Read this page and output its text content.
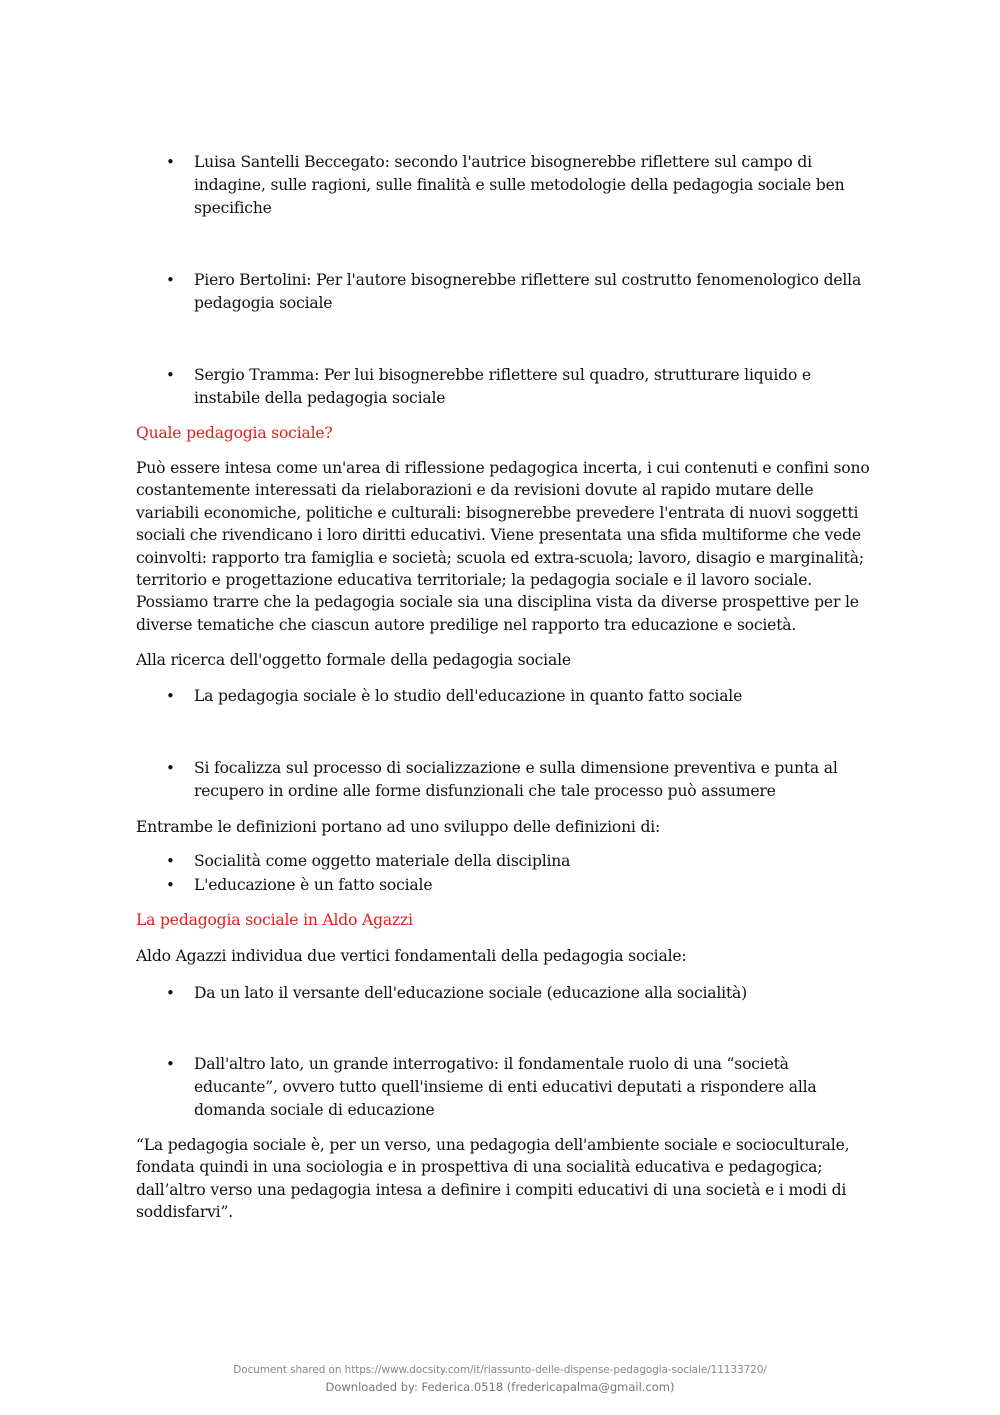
• Luisa Santelli Beccegato: secondo l'autrice bisognerebbe riflettere sul campo di indagine, sulle ragioni, sulle finalità e sulle metodologie della pedagogia sociale ben specifiche
• Piero Bertolini: Per l'autore bisognerebbe riflettere sul costrutto fenomenologico della pedagogia sociale
• Sergio Tramma: Per lui bisognerebbe riflettere sul quadro, strutturare liquido e instabile della pedagogia sociale
Quale pedagogia sociale?
Può essere intesa come un'area di riflessione pedagogica incerta, i cui contenuti e confini sono costantemente interessati da rielaborazioni e da revisioni dovute al rapido mutare delle variabili economiche, politiche e culturali: bisognerebbe prevedere l'entrata di nuovi soggetti sociali che rivendicano i loro diritti educativi. Viene presentata una sfida multiforme che vede coinvolti: rapporto tra famiglia e società; scuola ed extra-scuola; lavoro, disagio e marginalità; territorio e progettazione educativa territoriale; la pedagogia sociale e il lavoro sociale. Possiamo trarre che la pedagogia sociale sia una disciplina vista da diverse prospettive per le diverse tematiche che ciascun autore predilige nel rapporto tra educazione e società.
Alla ricerca dell'oggetto formale della pedagogia sociale
• La pedagogia sociale è lo studio dell'educazione in quanto fatto sociale
• Si focalizza sul processo di socializzazione e sulla dimensione preventiva e punta al recupero in ordine alle forme disfunzionali che tale processo può assumere
Entrambe le definizioni portano ad uno sviluppo delle definizioni di:
• Socialità come oggetto materiale della disciplina
• L'educazione è un fatto sociale
La pedagogia sociale in Aldo Agazzi
Aldo Agazzi individua due vertici fondamentali della pedagogia sociale:
• Da un lato il versante dell'educazione sociale (educazione alla socialità)
• Dall'altro lato, un grande interrogativo: il fondamentale ruolo di una “società educante”, ovvero tutto quell'insieme di enti educativi deputati a rispondere alla domanda sociale di educazione
“La pedagogia sociale è, per un verso, una pedagogia dell'ambiente sociale e socioculturale, fondata quindi in una sociologia e in prospettiva di una socialità educativa e pedagogica; dall’altro verso una pedagogia intesa a definire i compiti educativi di una società e i modi di soddisfarvi”.
Document shared on https://www.docsity.com/it/riassunto-delle-dispense-pedagogia-sociale/11133720/
Downloaded by: Federica.0518 (fredericapalma@gmail.com)
